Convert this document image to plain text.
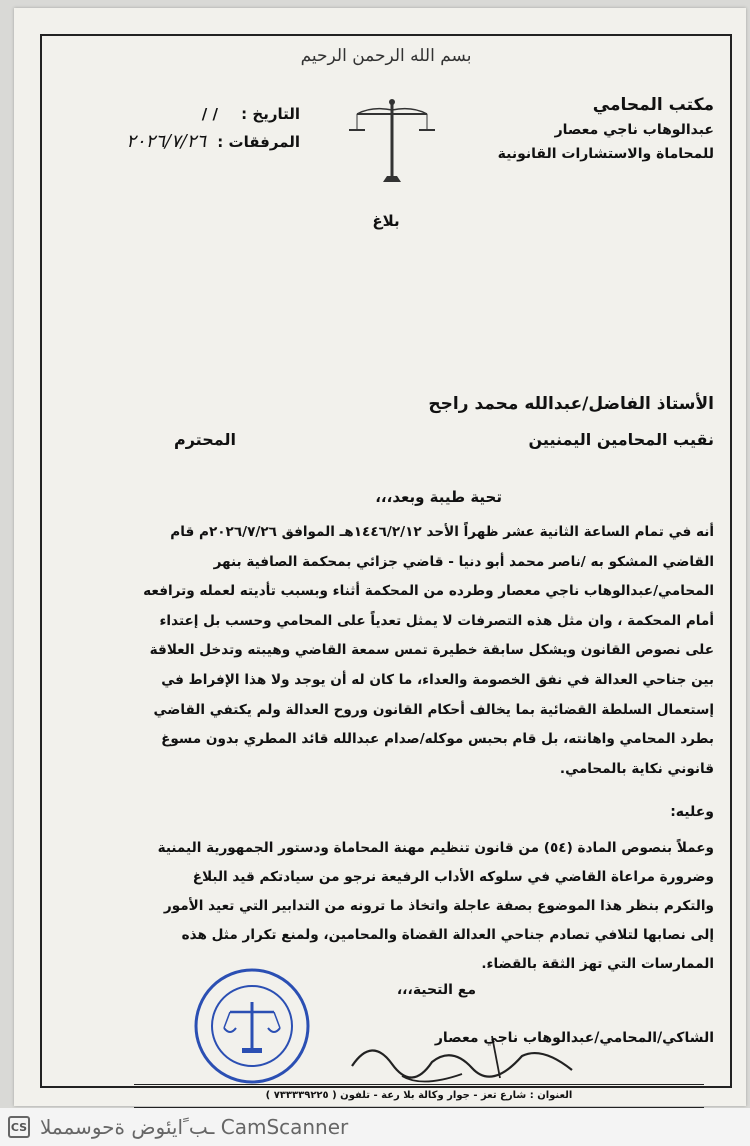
بسم الله الرحمن الرحيم
مكتب المحامي
عبدالوهاب ناجي معصار
للمحاماة والاستشارات القانونية
التاريخ : / /
المرفقات : ٢٠٢٦/٧/٢٦
بلاغ
الأستاذ الفاضل/عبدالله محمد راجح
نقيب المحامين اليمنيين
المحترم
تحية طيبة وبعد،،،
أنه في تمام الساعة الثانية عشر ظهراً الأحد ١٤٤٦/٢/١٢هـ الموافق ٢٠٢٦/٧/٢٦م قام
القاضي المشكو به /ناصر محمد أبو دنيا - قاضي جزائي بمحكمة الصافية بنهر
المحامي/عبدالوهاب ناجي معصار وطرده من المحكمة أثناء وبسبب تأديته لعمله وترافعه
أمام المحكمة ، وان مثل هذه التصرفات لا يمثل تعدياً على المحامي وحسب بل إعتداء
على نصوص القانون ويشكل سابقة خطيرة تمس سمعة القاضي وهيبته وتدخل العلاقة
بين جناحي العدالة في نفق الخصومة والعداء، ما كان له أن يوجد ولا هذا الإفراط في
إستعمال السلطة القضائية بما يخالف أحكام القانون وروح العدالة ولم يكتفي القاضي
بطرد المحامي واهانته، بل قام بحبس موكله/صدام عبدالله قائد المطري بدون مسوغ
قانوني نكاية بالمحامي.
وعليه:
وعملاً بنصوص المادة (٥٤) من قانون تنظيم مهنة المحاماة ودستور الجمهورية اليمنية
وضرورة مراعاة القاضي في سلوكه الأداب الرفيعة نرجو من سيادتكم قيد البلاغ
والتكرم بنظر هذا الموضوع بصفة عاجلة واتخاذ ما ترونه من التدابير التي تعيد الأمور
إلى نصابها لتلافي تصادم جناحي العدالة القضاة والمحامين، ولمنع تكرار مثل هذه
الممارسات التي تهز الثقة بالقضاء.
مع التحية،،،
الشاكي/المحامي/عبدالوهاب ناجي معصار
العنوان : شارع تعز - جوار وكالة بلا رعة - تلفون ( ٧٣٣٣٣٩٢٢٥ )
CS CamScanner ـب ًايئوض ةحوسمملا
